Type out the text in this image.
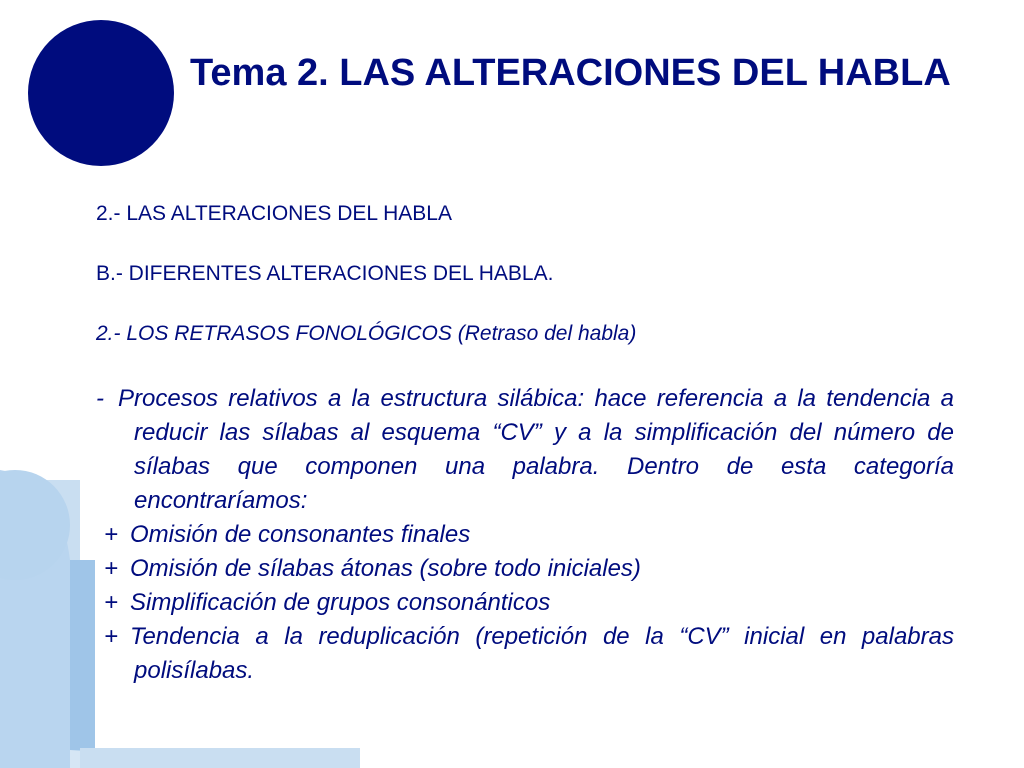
Tema 2. LAS ALTERACIONES DEL HABLA

2.- LAS ALTERACIONES DEL HABLA

B.- DIFERENTES ALTERACIONES DEL HABLA.

2.- LOS RETRASOS FONOLÓGICOS (Retraso del habla)

- Procesos relativos a la estructura silábica: hace referencia a la tendencia a reducir las sílabas al esquema “CV” y a la simplificación del número de sílabas que componen una palabra. Dentro de esta categoría encontraríamos:

+ Omisión de consonantes finales

+ Omisión de sílabas átonas (sobre todo iniciales)

+ Simplificación de grupos consonánticos

+ Tendencia a la reduplicación (repetición de la “CV” inicial en palabras polisílabas.
